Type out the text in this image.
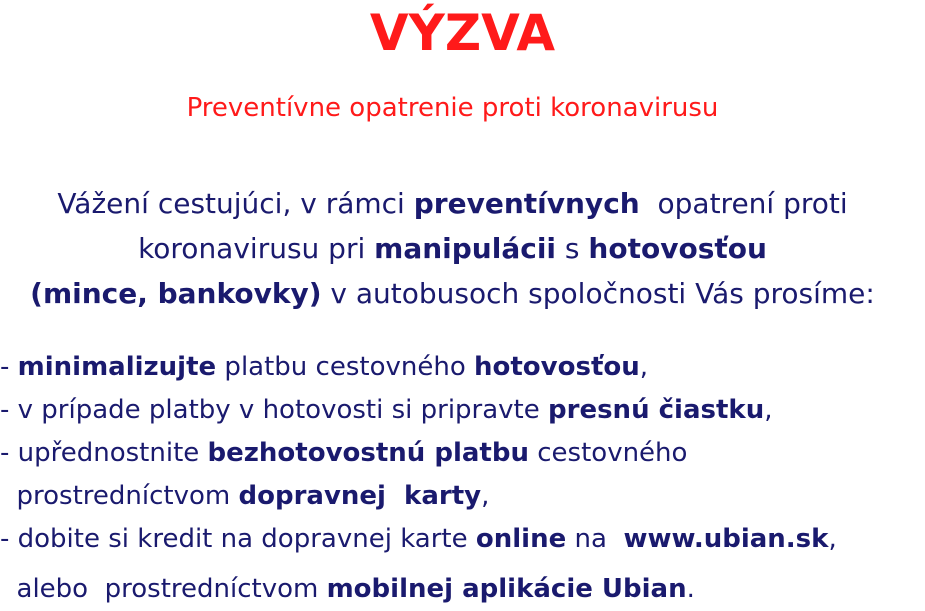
VÝZVA
Preventívne opatrenie proti koronavirusu
Vážení cestujúci, v rámci preventívnych  opatrení proti
koronavirusu pri manipulácii s hotovosťou
(mince, bankovky) v autobusoch spoločnosti Vás prosíme:
- minimalizujte platbu cestovného hotovosťou,
- v prípade platby v hotovosti si pripravte presnú čiastku,
- upřednostnite bezhotovostnú platbu cestovného
prostredníctvom dopravnej  karty,
- dobite si kredit na dopravnej karte online na  www.ubian.sk,
alebo  prostredníctvom mobilnej aplikácie Ubian.
